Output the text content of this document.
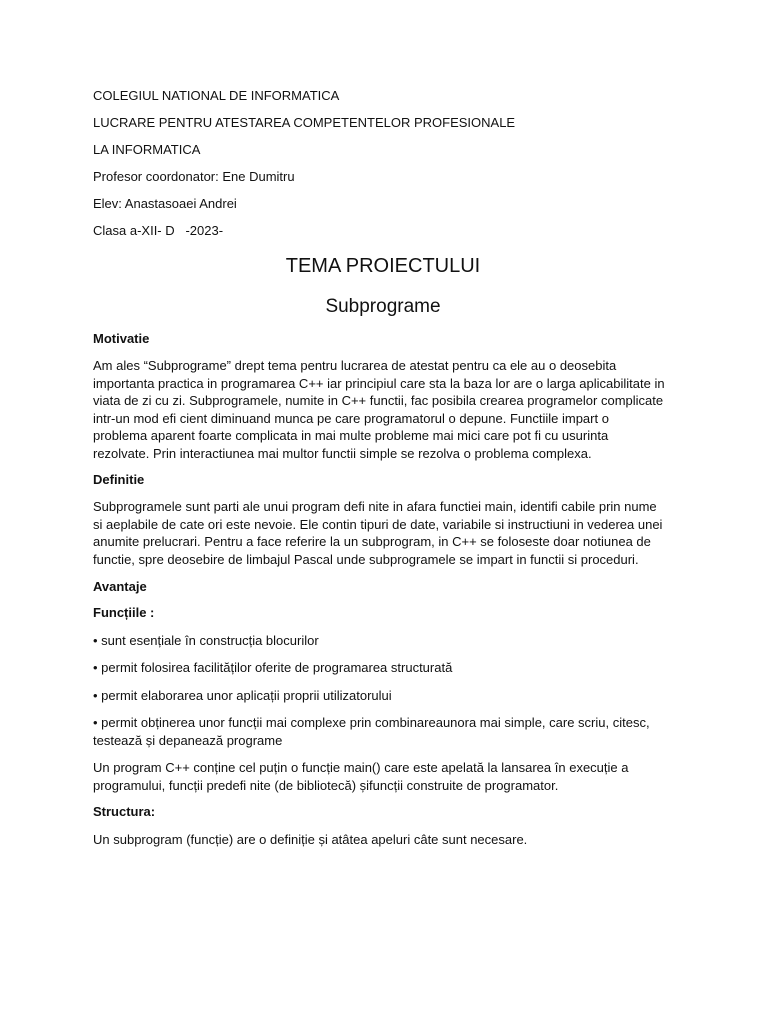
COLEGIUL NATIONAL DE INFORMATICA
LUCRARE PENTRU ATESTAREA COMPETENTELOR PROFESIONALE
LA INFORMATICA
Profesor coordonator: Ene Dumitru
Elev: Anastasoaei Andrei
Clasa a-XII- D   -2023-
TEMA PROIECTULUI
Subprograme
Motivatie
Am ales “Subprograme” drept tema pentru lucrarea de atestat pentru ca ele au o deosebita
importanta practica in programarea C++ iar principiul care sta la baza lor are o larga aplicabilitate in
viata de zi cu zi. Subprogramele, numite in C++ functii, fac posibila crearea programelor complicate
intr-un mod efi cient diminuand munca pe care programatorul o depune. Functiile impart o
problema aparent foarte complicata in mai multe probleme mai mici care pot fi cu usurinta
rezolvate. Prin interactiunea mai multor functii simple se rezolva o problema complexa.
Definitie
Subprogramele sunt parti ale unui program defi nite in afara functiei main, identifi cabile prin nume
si aeplabile de cate ori este nevoie. Ele contin tipuri de date, variabile si instructiuni in vederea unei
anumite prelucrari. Pentru a face referire la un subprogram, in C++ se foloseste doar notiunea de
functie, spre deosebire de limbajul Pascal unde subprogramele se impart in functii si proceduri.
Avantaje
Funcțiile :
• sunt esențiale în construcția blocurilor
• permit folosirea facilităților oferite de programarea structurată
• permit elaborarea unor aplicații proprii utilizatorului
• permit obținerea unor funcții mai complexe prin combinareaunora mai simple, care scriu, citesc,
testează și depanează programe
Un program C++ conține cel puțin o funcție main() care este apelată la lansarea în execuție a
programului, funcții predefi nite (de bibliotecă) șifuncții construite de programator.
Structura:
Un subprogram (funcție) are o definiție și atâtea apeluri câte sunt necesare.
